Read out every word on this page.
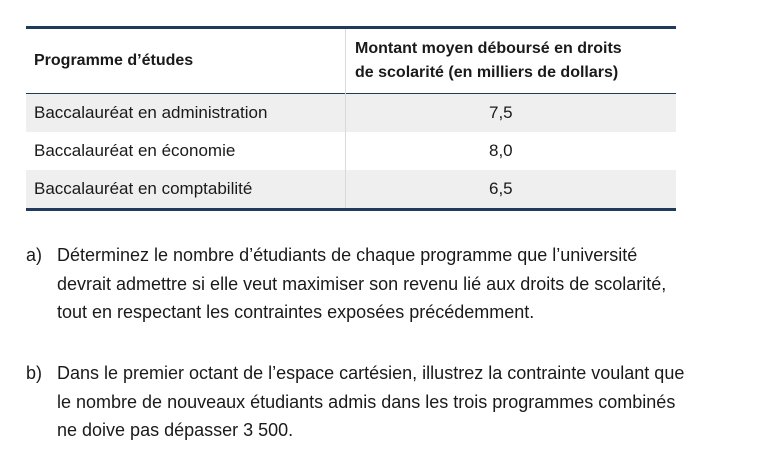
Programme d’études	Montant moyen déboursé en droits
de scolarité (en milliers de dollars)
Baccalauréat en administration	7,5
Baccalauréat en économie	8,0
Baccalauréat en comptabilité	6,5
a) Déterminez le nombre d’étudiants de chaque programme que l’université
devrait admettre si elle veut maximiser son revenu lié aux droits de scolarité,
tout en respectant les contraintes exposées précédemment.
b) Dans le premier octant de l’espace cartésien, illustrez la contrainte voulant que
le nombre de nouveaux étudiants admis dans les trois programmes combinés
ne doive pas dépasser 3 500.
